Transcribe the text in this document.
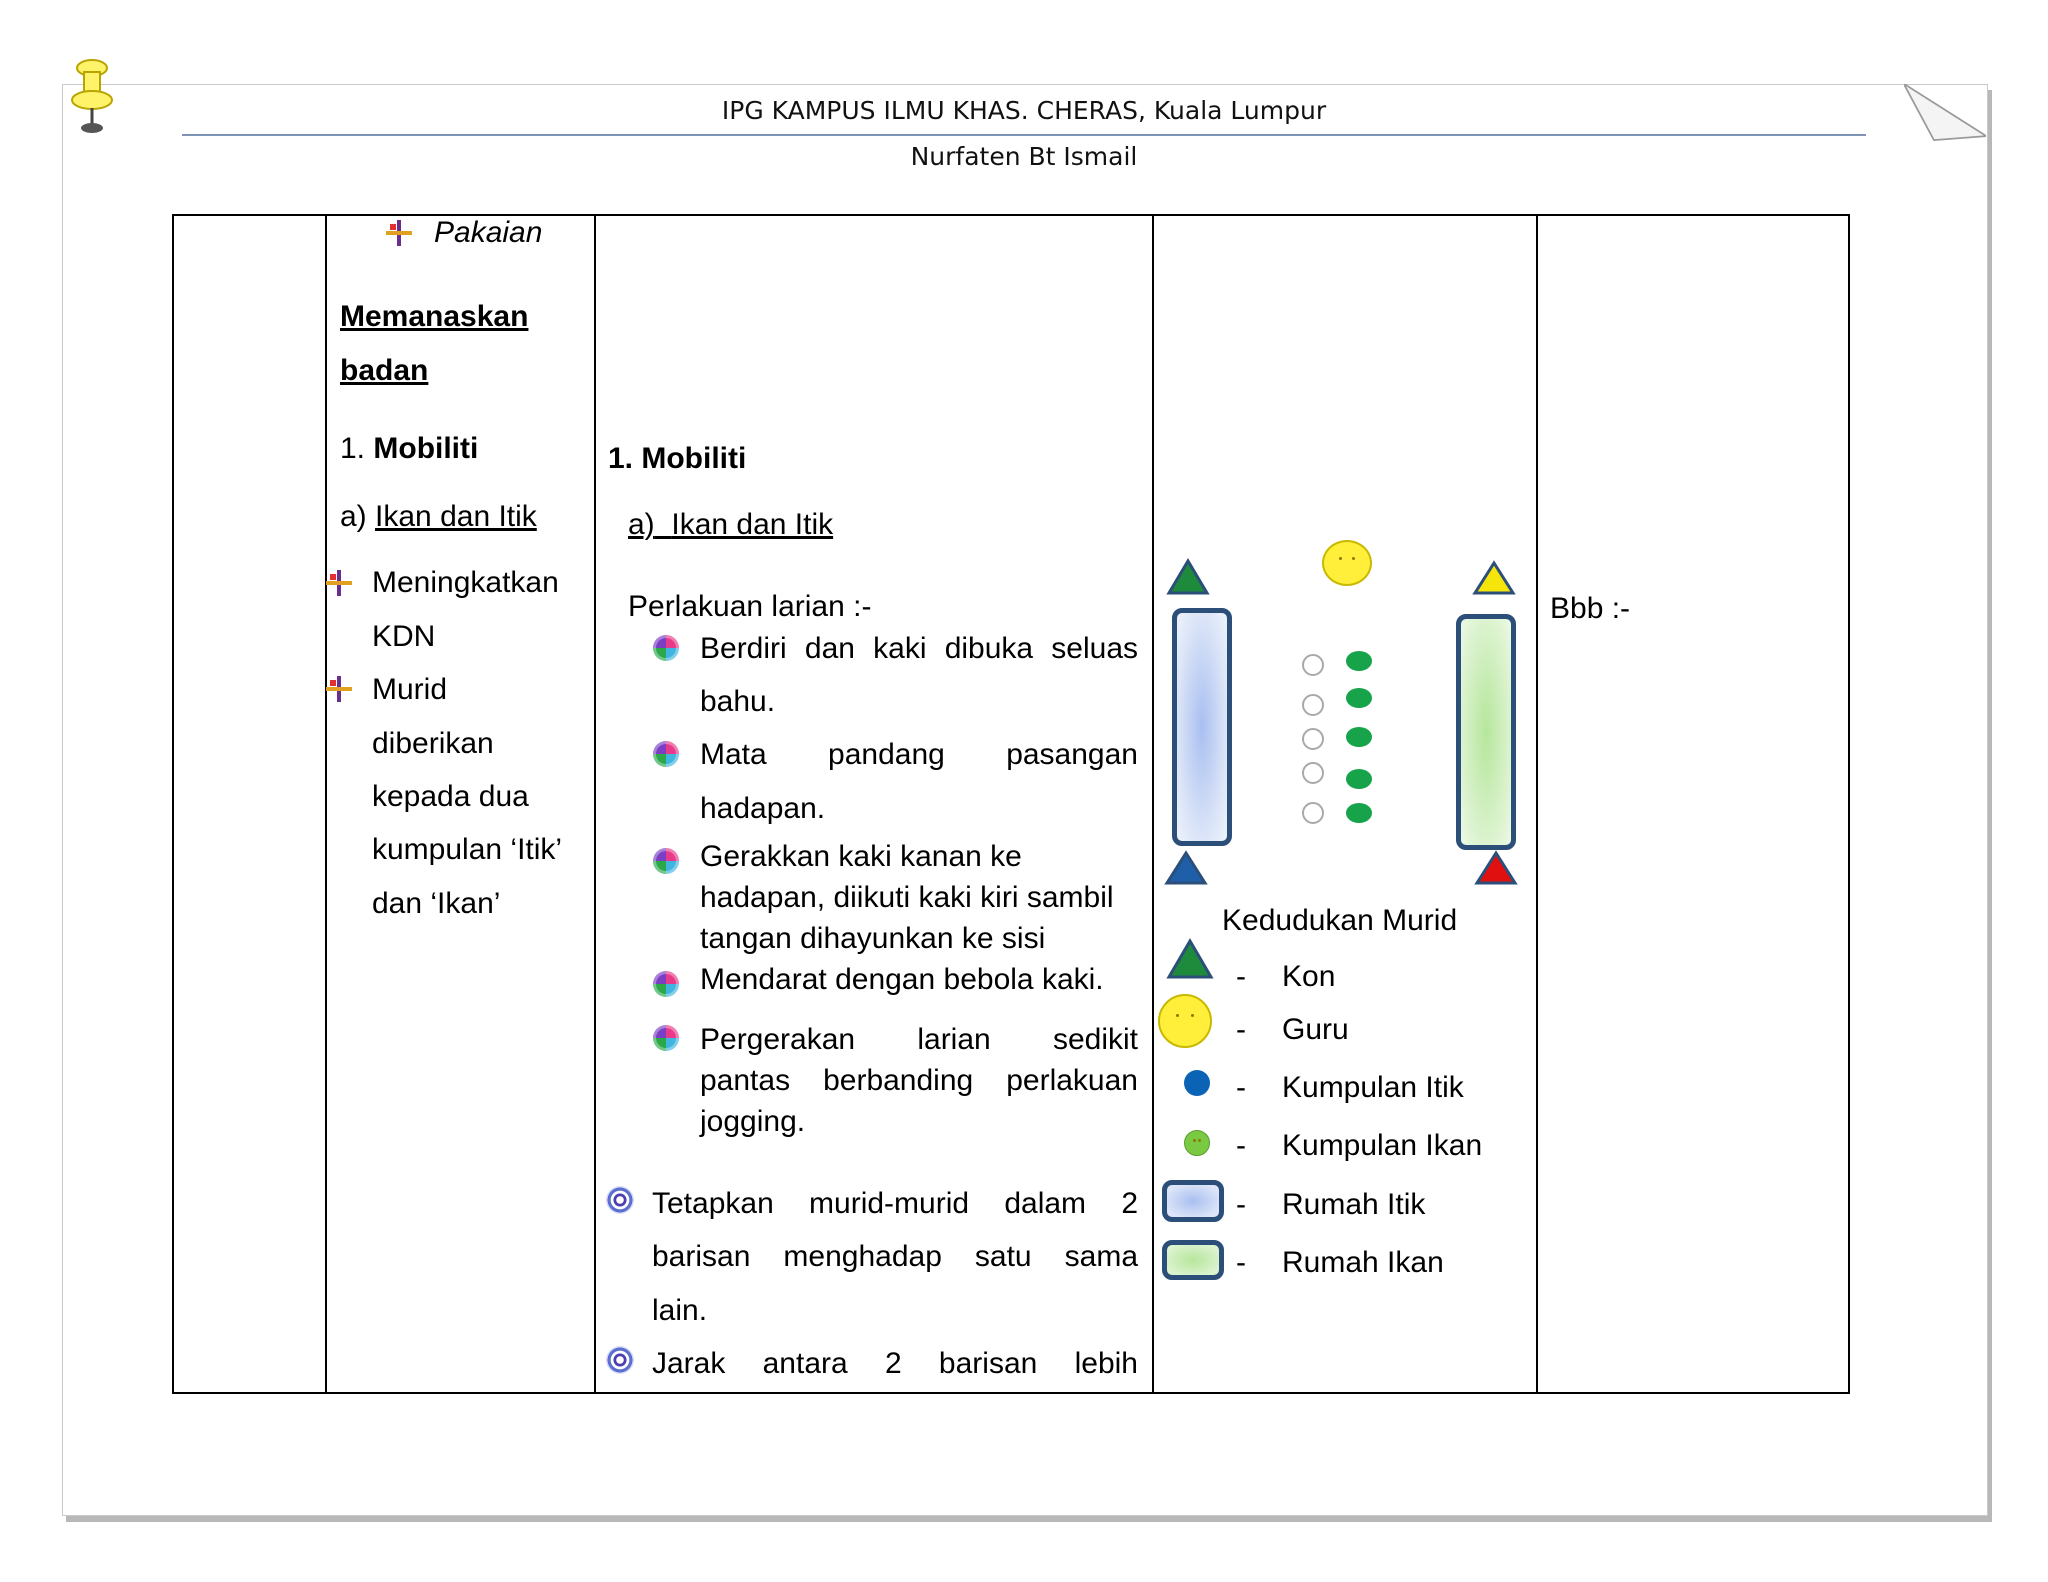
IPG KAMPUS ILMU KHAS. CHERAS, Kuala Lumpur
Nurfaten Bt Ismail
Pakaian
Memanaskan
badan
1. Mobiliti
a) Ikan dan Itik
Meningkatkan
KDN
Murid
diberikan
kepada dua
kumpulan ‘Itik’
dan ‘Ikan’
1. Mobiliti
a) Ikan dan Itik
Perlakuan larian :-
Berdiri dan kaki dibuka seluas
bahu.
Mata pandang pasangan
hadapan.
Gerakkan kaki kanan ke
hadapan, diikuti kaki kiri sambil
tangan dihayunkan ke sisi
Mendarat dengan bebola kaki.
Pergerakan larian sedikit
pantas berbanding perlakuan
jogging.
Tetapkan murid-murid dalam 2
barisan menghadap satu sama
lain.
Jarak antara 2 barisan lebih
Kedudukan Murid
- Kon
- Guru
- Kumpulan Itik
- Kumpulan Ikan
- Rumah Itik
- Rumah Ikan
Bbb :-
